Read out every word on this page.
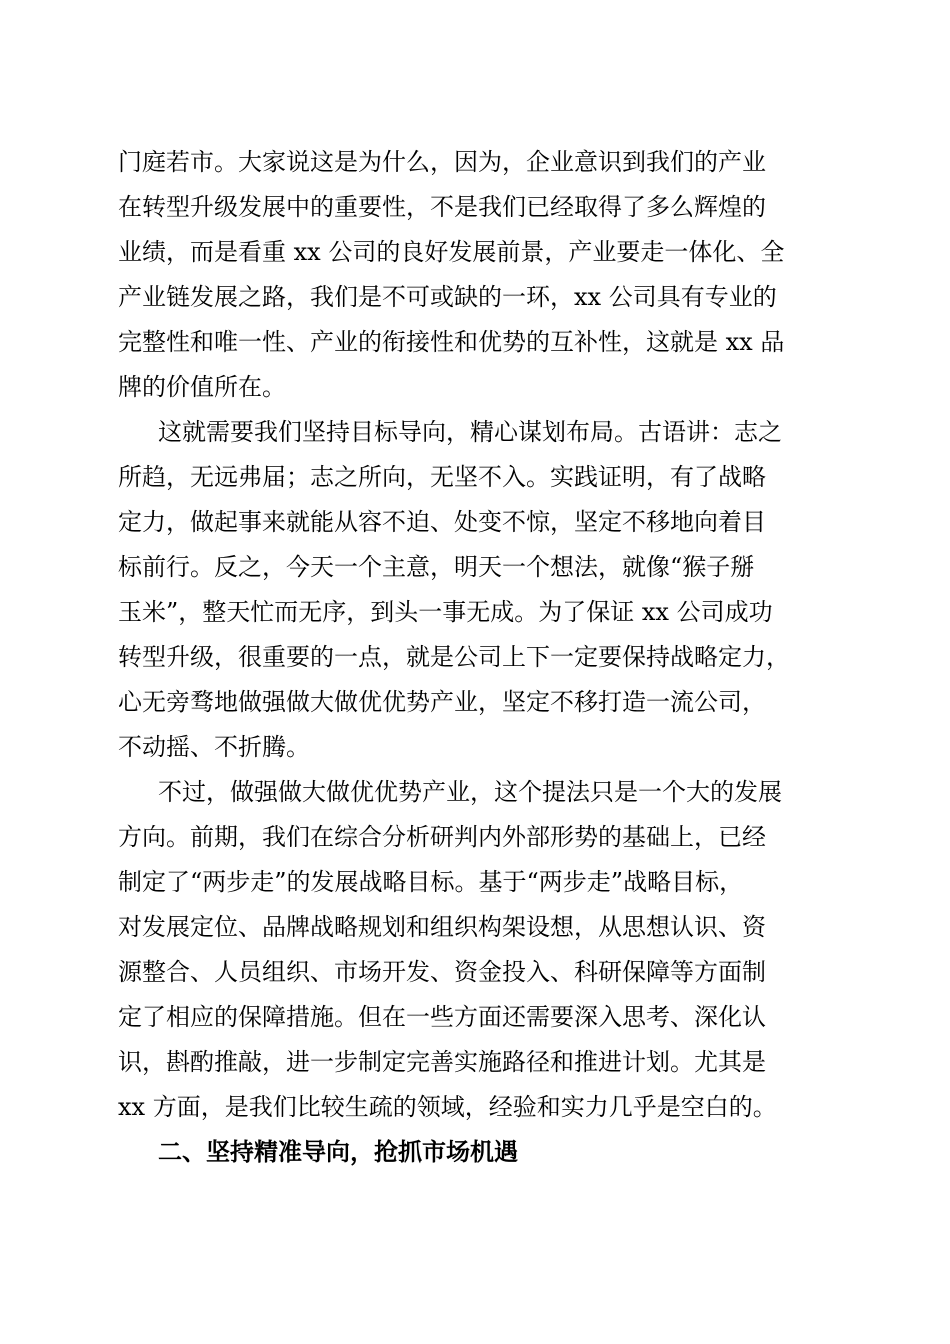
门庭若市。大家说这是为什么，因为，企业意识到我们的产业
在转型升级发展中的重要性，不是我们已经取得了多么辉煌的
业绩，而是看重 xx 公司的良好发展前景，产业要走一体化、全
产业链发展之路，我们是不可或缺的一环，xx 公司具有专业的
完整性和唯一性、产业的衔接性和优势的互补性，这就是 xx 品
牌的价值所在。
这就需要我们坚持目标导向，精心谋划布局。古语讲：志之
所趋，无远弗届；志之所向，无坚不入。实践证明，有了战略
定力，做起事来就能从容不迫、处变不惊，坚定不移地向着目
标前行。反之，今天一个主意，明天一个想法，就像“猴子掰
玉米”，整天忙而无序，到头一事无成。为了保证 xx 公司成功
转型升级，很重要的一点，就是公司上下一定要保持战略定力，
心无旁骛地做强做大做优优势产业，坚定不移打造一流公司，
不动摇、不折腾。
不过，做强做大做优优势产业，这个提法只是一个大的发展
方向。前期，我们在综合分析研判内外部形势的基础上，已经
制定了“两步走”的发展战略目标。基于“两步走”战略目标，
对发展定位、品牌战略规划和组织构架设想，从思想认识、资
源整合、人员组织、市场开发、资金投入、科研保障等方面制
定了相应的保障措施。但在一些方面还需要深入思考、深化认
识，斟酌推敲，进一步制定完善实施路径和推进计划。尤其是
xx 方面，是我们比较生疏的领域，经验和实力几乎是空白的。
二、坚持精准导向，抢抓市场机遇
